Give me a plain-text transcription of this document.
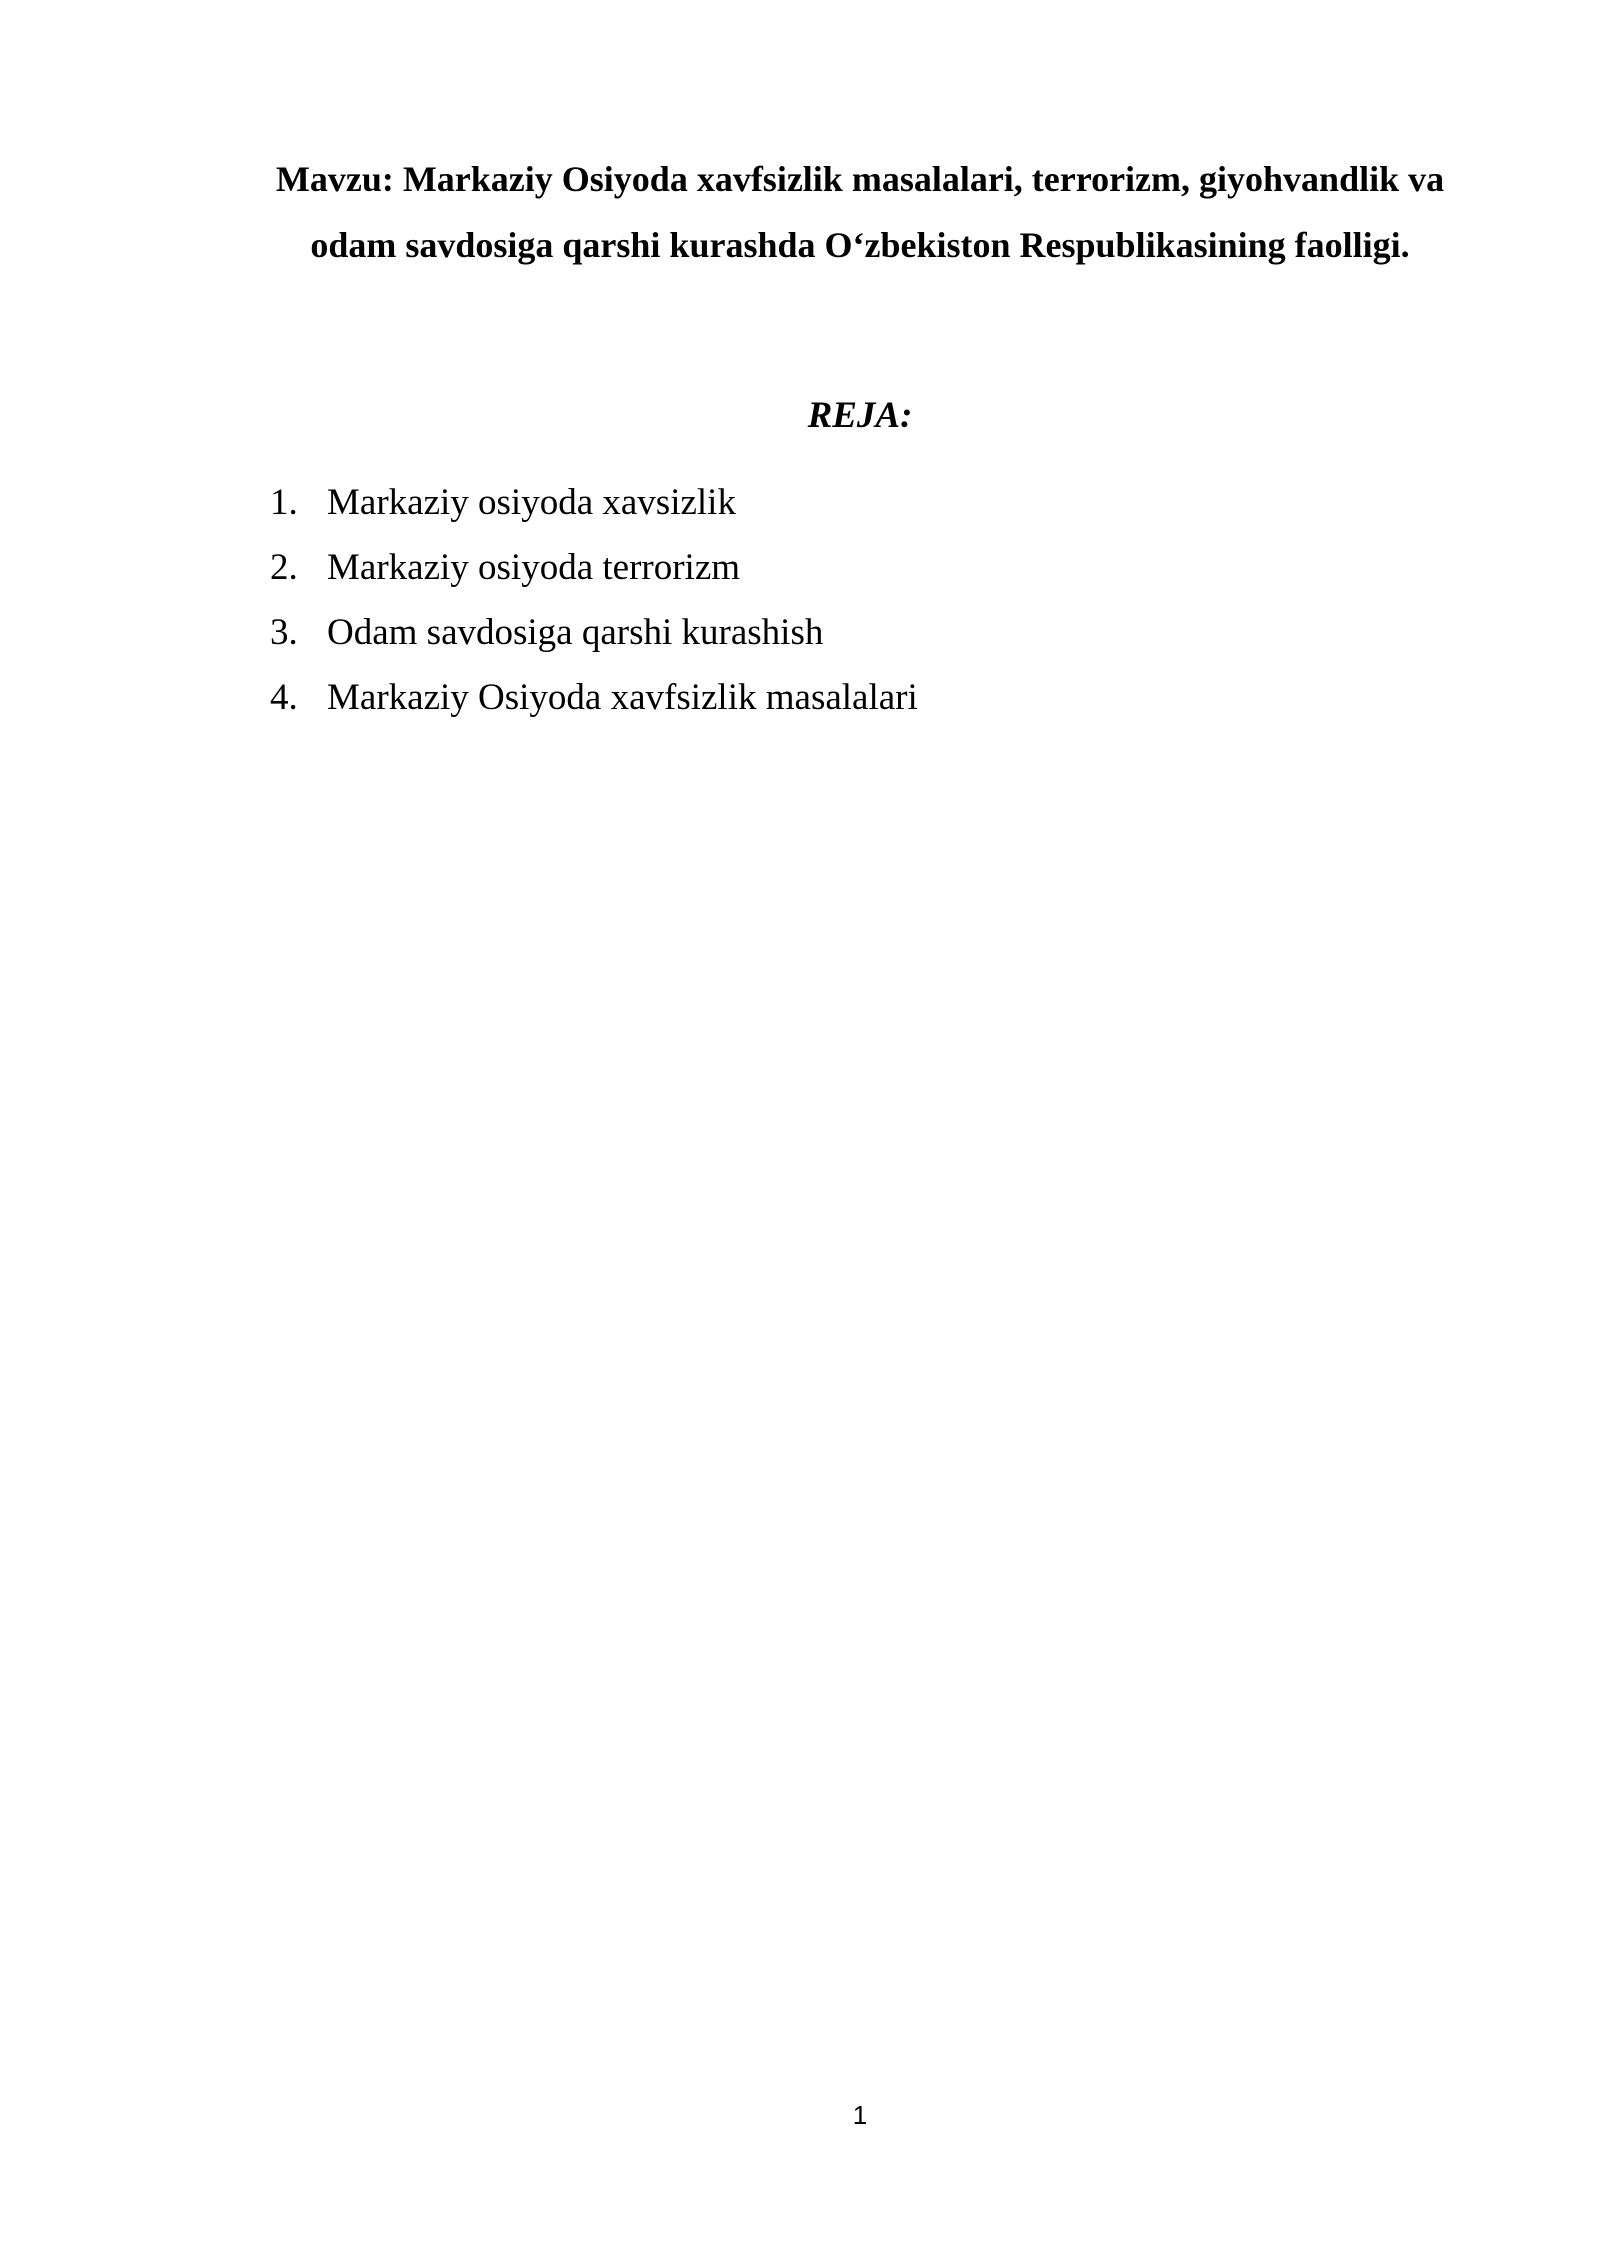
Mavzu: Markaziy Osiyoda xavfsizlik masalalari, terrorizm, giyohvandlik va
odam savdosiga qarshi kurashda O‘zbekiston Respublikasining faolligi.
REJA:
1. Markaziy osiyoda xavsizlik
2. Markaziy osiyoda terrorizm
3. Odam savdosiga qarshi kurashish
4. Markaziy Osiyoda xavfsizlik masalalari
1
